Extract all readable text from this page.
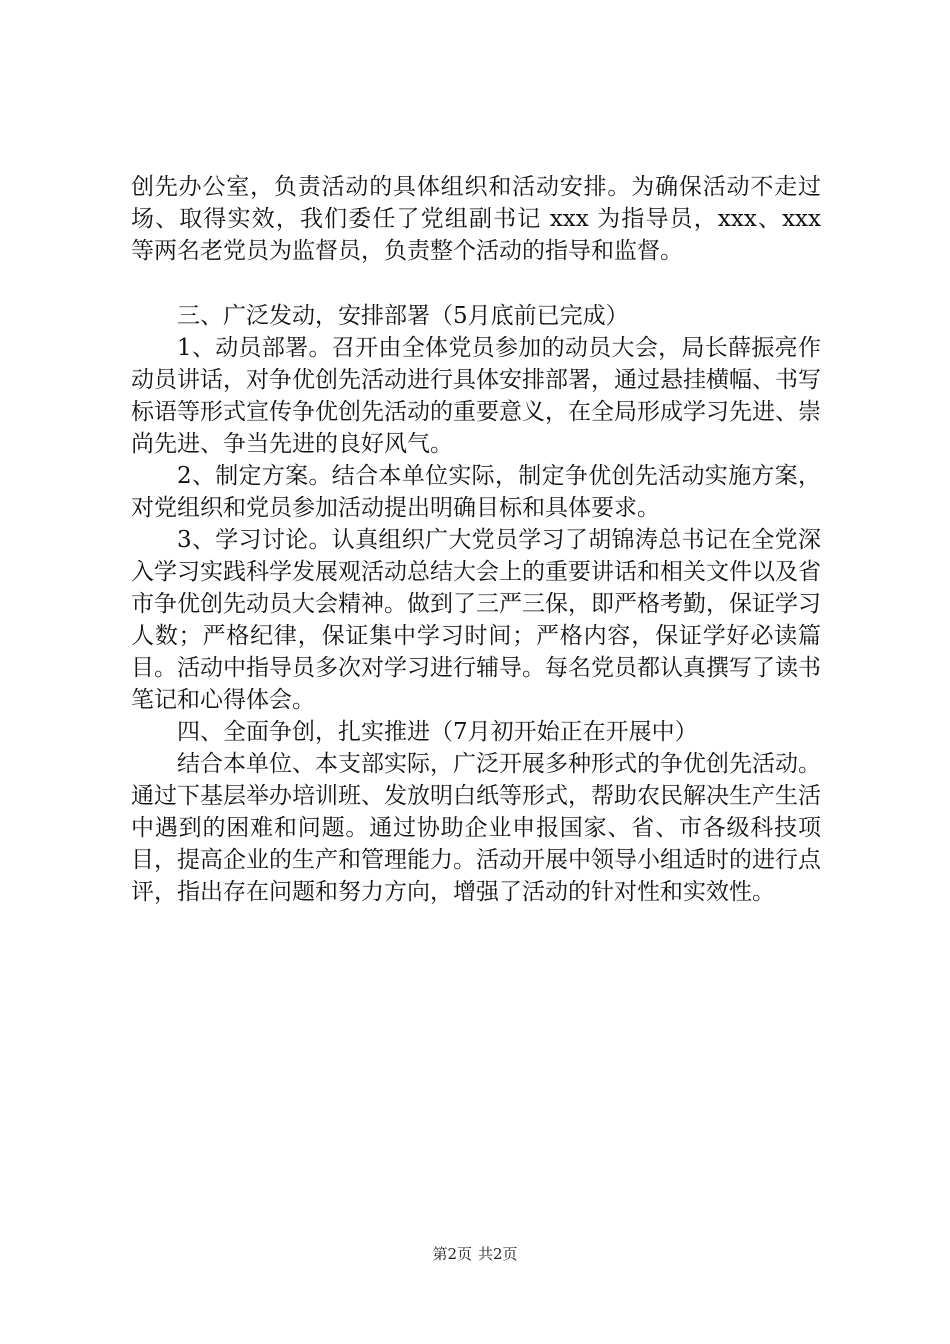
创先办公室，负责活动的具体组织和活动安排。为确保活动不走过场、取得实效，我们委任了党组副书记 xxx 为指导员，xxx、xxx 等两名老党员为监督员，负责整个活动的指导和监督。

三、广泛发动，安排部署（5月底前已完成）

1、动员部署。召开由全体党员参加的动员大会，局长薛振亮作动员讲话，对争优创先活动进行具体安排部署，通过悬挂横幅、书写标语等形式宣传争优创先活动的重要意义，在全局形成学习先进、崇尚先进、争当先进的良好风气。

2、制定方案。结合本单位实际，制定争优创先活动实施方案，对党组织和党员参加活动提出明确目标和具体要求。

3、学习讨论。认真组织广大党员学习了胡锦涛总书记在全党深入学习实践科学发展观活动总结大会上的重要讲话和相关文件以及省市争优创先动员大会精神。做到了三严三保，即严格考勤，保证学习人数；严格纪律，保证集中学习时间；严格内容，保证学好必读篇目。活动中指导员多次对学习进行辅导。每名党员都认真撰写了读书笔记和心得体会。

四、全面争创，扎实推进（7月初开始正在开展中）

结合本单位、本支部实际，广泛开展多种形式的争优创先活动。通过下基层举办培训班、发放明白纸等形式，帮助农民解决生产生活中遇到的困难和问题。通过协助企业申报国家、省、市各级科技项目，提高企业的生产和管理能力。活动开展中领导小组适时的进行点评，指出存在问题和努力方向，增强了活动的针对性和实效性。

第2页 共2页
